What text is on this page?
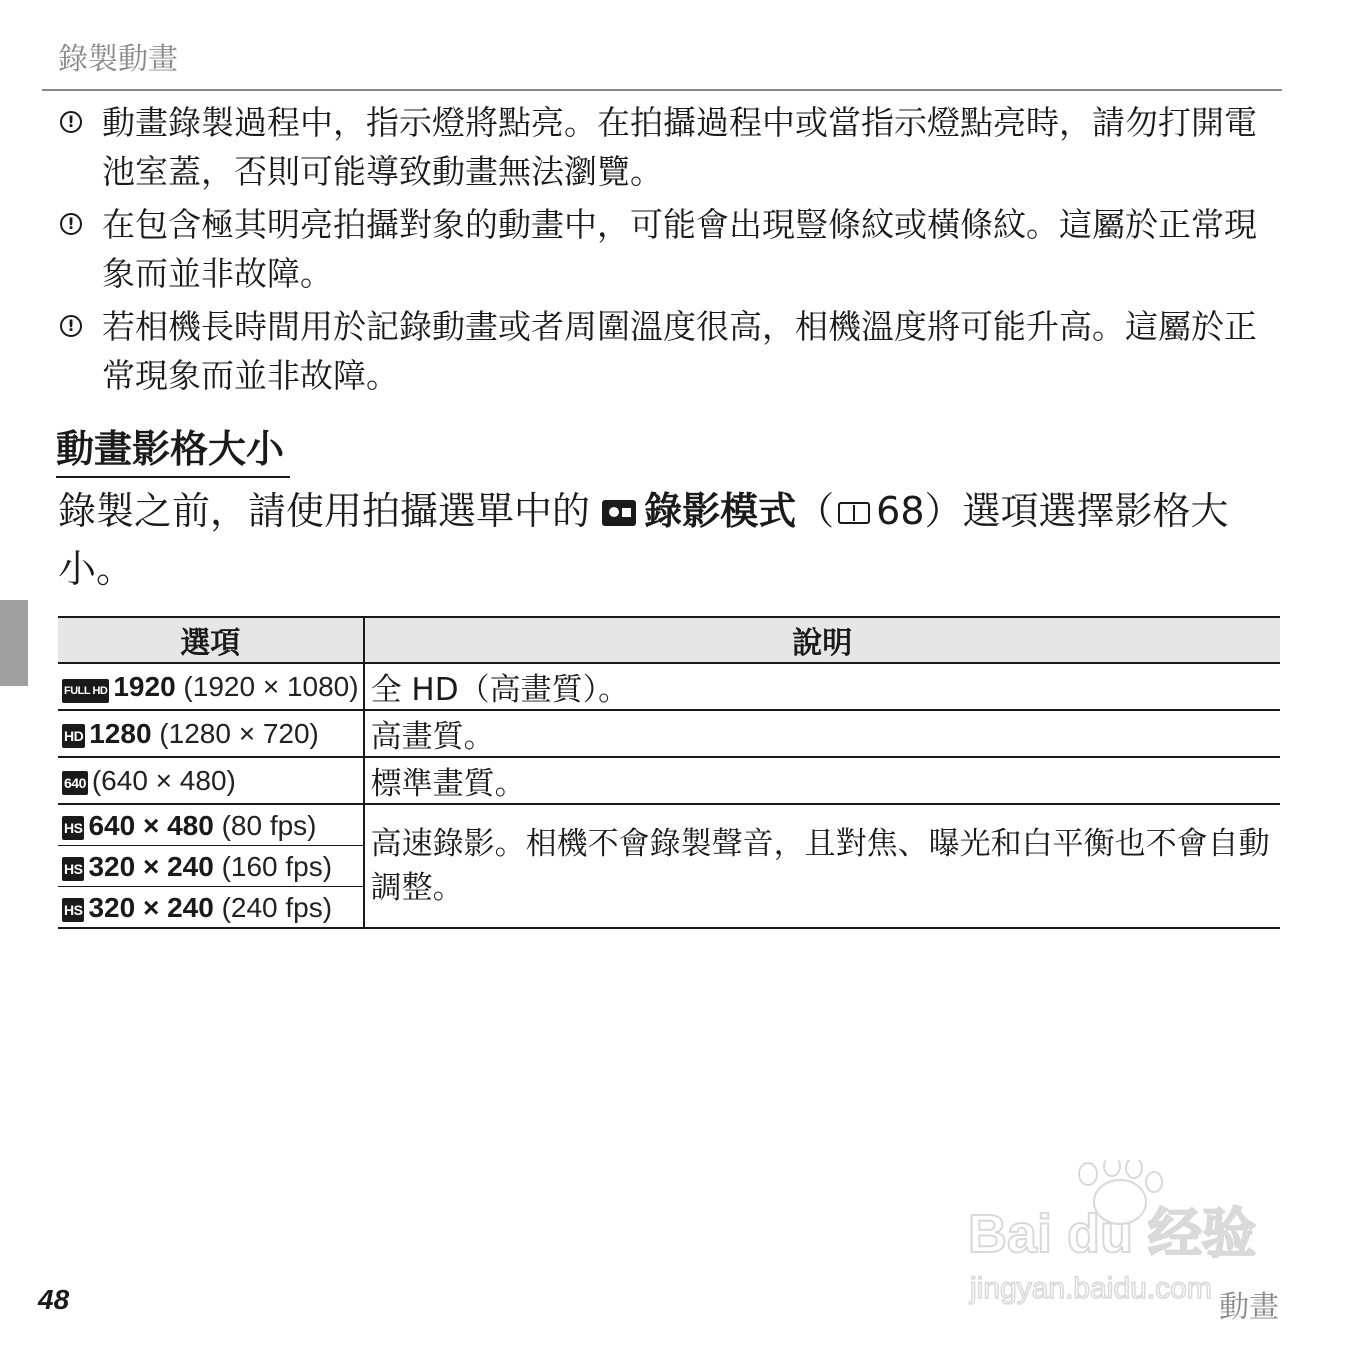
錄製動畫
! 動畫錄製過程中，指示燈將點亮。在拍攝過程中或當指示燈點亮時，請勿打開電池室蓋，否則可能導致動畫無法瀏覽。
! 在包含極其明亮拍攝對象的動畫中，可能會出現豎條紋或橫條紋。這屬於正常現象而並非故障。
! 若相機長時間用於記錄動畫或者周圍溫度很高，相機溫度將可能升高。這屬於正常現象而並非故障。
動畫影格大小
錄製之前，請使用拍攝選單中的 錄影模式（ 68）選項選擇影格大小。
選項	說明
FULL HD 1920 (1920 × 1080)	全 HD（高畫質）。
HD 1280 (1280 × 720)	高畫質。
640 (640 × 480)	標準畫質。
HS 640 × 480 (80 fps)	高速錄影。相機不會錄製聲音，且對焦、曝光和白平衡也不會自動調整。
HS 320 × 240 (160 fps)	
HS 320 × 240 (240 fps)	
Bai du 经验
jingyan.baidu.com
48	動畫
